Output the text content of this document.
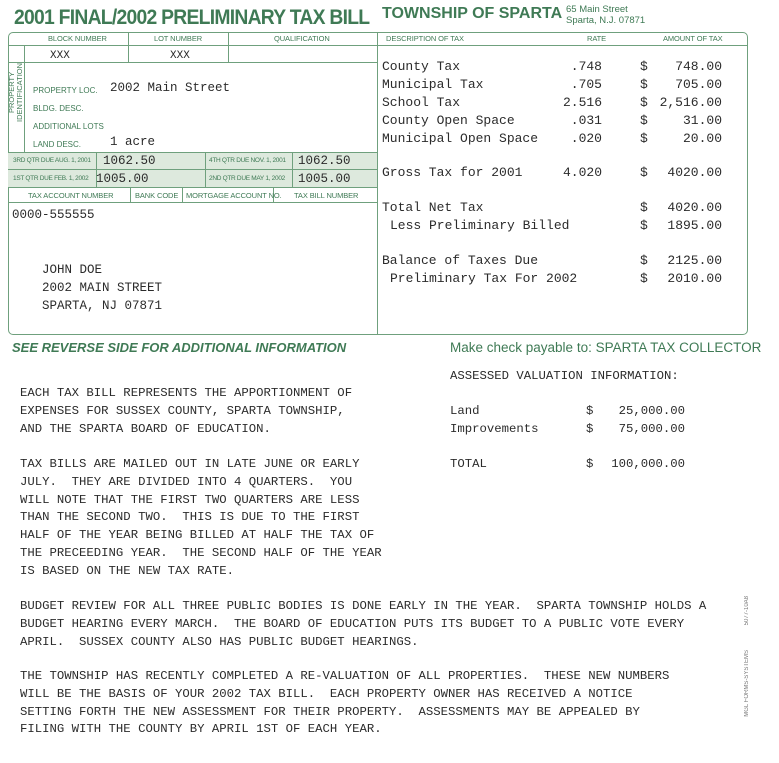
2001 FINAL/2002 PRELIMINARY TAX BILL TOWNSHIP OF SPARTA 65 Main Street
Sparta, N.J. 07871
BLOCK NUMBER	LOT NUMBER	QUALIFICATION
XXX	XXX
PROPERTY IDENTIFICATION PROPERTY LOC. 2002 Main Street
BLDG. DESC.
ADDITIONAL LOTS
LAND DESC. 1 acre
3RD QTR DUE AUG. 1, 2001 1062.50	4TH QTR DUE NOV. 1, 2001 1062.50
1ST QTR DUE FEB. 1, 2002 1005.00	2ND QTR DUE MAY 1, 2002 1005.00
TAX ACCOUNT NUMBER	BANK CODE MORTGAGE ACCOUNT NO. TAX BILL NUMBER
0000-555555
JOHN DOE
2002 MAIN STREET
SPARTA, NJ 07871
DESCRIPTION OF TAX	RATE	AMOUNT OF TAX
County Tax	.748	$ 748.00
Municipal Tax	.705	$ 705.00
School Tax	2.516	$ 2,516.00
County Open Space	.031	$	31.00
Municipal Open Space	.020	$	20.00
Gross Tax for 2001	4.020	$ 4020.00
Total Net Tax	$ 4020.00
Less Preliminary Billed	$ 1895.00
Balance of Taxes Due	$ 2125.00
Preliminary Tax For 2002	$ 2010.00
SEE REVERSE SIDE FOR ADDITIONAL INFORMATION	Make check payable to: SPARTA TAX COLLECTOR
ASSESSED VALUATION INFORMATION:
Land	$ 25,000.00
Improvements	$ 75,000.00
TOTAL	$ 100,000.00
EACH TAX BILL REPRESENTS THE APPORTIONMENT OF
EXPENSES FOR SUSSEX COUNTY, SPARTA TOWNSHIP,
AND THE SPARTA BOARD OF EDUCATION.
TAX BILLS ARE MAILED OUT IN LATE JUNE OR EARLY
JULY.  THEY ARE DIVIDED INTO 4 QUARTERS.  YOU
WILL NOTE THAT THE FIRST TWO QUARTERS ARE LESS
THAN THE SECOND TWO.  THIS IS DUE TO THE FIRST
HALF OF THE YEAR BEING BILLED AT HALF THE TAX OF
THE PRECEEDING YEAR.  THE SECOND HALF OF THE YEAR
IS BASED ON THE NEW TAX RATE.
BUDGET REVIEW FOR ALL THREE PUBLIC BODIES IS DONE EARLY IN THE YEAR.  SPARTA TOWNSHIP HOLDS A
BUDGET HEARING EVERY MARCH.  THE BOARD OF EDUCATION PUTS ITS BUDGET TO A PUBLIC VOTE EVERY
APRIL.  SUSSEX COUNTY ALSO HAS PUBLIC BUDGET HEARINGS.
THE TOWNSHIP HAS RECENTLY COMPLETED A RE-VALUATION OF ALL PROPERTIES.  THESE NEW NUMBERS
WILL BE THE BASIS OF YOUR 2002 TAX BILL.  EACH PROPERTY OWNER HAS RECEIVED A NOTICE
SETTING FORTH THE NEW ASSESSMENT FOR THEIR PROPERTY.  ASSESSMENTS MAY BE APPEALED BY
FILING WITH THE COUNTY BY APRIL 1ST OF EACH YEAR.
5077-10A8
MGL FORMS-SYSTEMS
